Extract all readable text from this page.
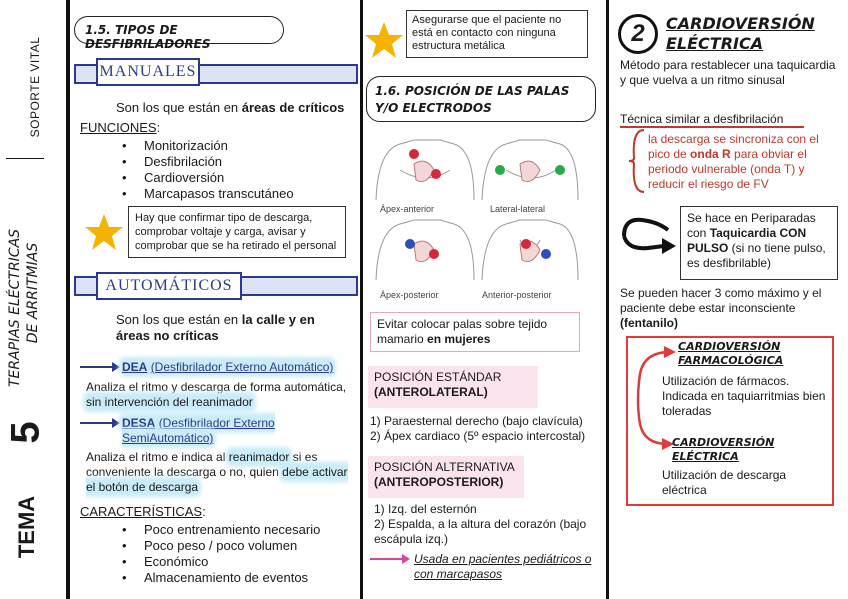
SOPORTE VITAL
TERAPIAS ELÉCTRICAS DE ARRITMIAS
TEMA
5
1.5. TIPOS DE DESFIBRILADORES
MANUALES
Son los que están en áreas de críticos
FUNCIONES:
• Monitorización
• Desfibrilación
• Cardioversión
• Marcapasos transcutáneo
Hay que confirmar tipo de descarga, comprobar voltaje y carga, avisar y comprobar que se ha retirado el personal
AUTOMÁTICOS
Son los que están en la calle y en áreas no críticas
DEA (Desfibrilador Externo Automático)
Analiza el ritmo y descarga de forma automática, sin intervención del reanimador
DESA (Desfibrilador Externo SemiAutomático)
Analiza el ritmo e indica al reanimador si es conveniente la descarga o no, quien debe activar el botón de descarga
CARACTERÍSTICAS:
• Poco entrenamiento necesario
• Poco peso / poco volumen
• Económico
• Almacenamiento de eventos
Asegurarse que el paciente no está en contacto con ninguna estructura metálica
1.6. POSICIÓN DE LAS PALAS Y/O ELECTRODOS
Ápex-anterior	Lateral-lateral
Ápex-posterior	Anterior-posterior
Evitar colocar palas sobre tejido mamario en mujeres
POSICIÓN ESTÁNDAR
(ANTEROLATERAL)
1) Paraesternal derecho (bajo clavícula)
2) Ápex cardiaco (5º espacio intercostal)
POSICIÓN ALTERNATIVA
(ANTEROPOSTERIOR)
1) Izq. del esternón
2) Espalda, a la altura del corazón (bajo escápula izq.)
Usada en pacientes pediátricos o con marcapasos
2	CARDIOVERSIÓN
ELÉCTRICA
Método para restablecer una taquicardia y que vuelva a un ritmo sinusal
Técnica similar a desfibrilación
la descarga se sincroniza con el pico de onda R para obviar el periodo vulnerable (onda T) y reducir el riesgo de FV
Se hace en Periparadas con Taquicardia CON PULSO (si no tiene pulso, es desfibrilable)
Se pueden hacer 3 como máximo y el paciente debe estar inconsciente (fentanilo)
CARDIOVERSIÓN FARMACOLÓGICA
Utilización de fármacos. Indicada en taquiarritmias bien toleradas
CARDIOVERSIÓN ELÉCTRICA
Utilización de descarga eléctrica
